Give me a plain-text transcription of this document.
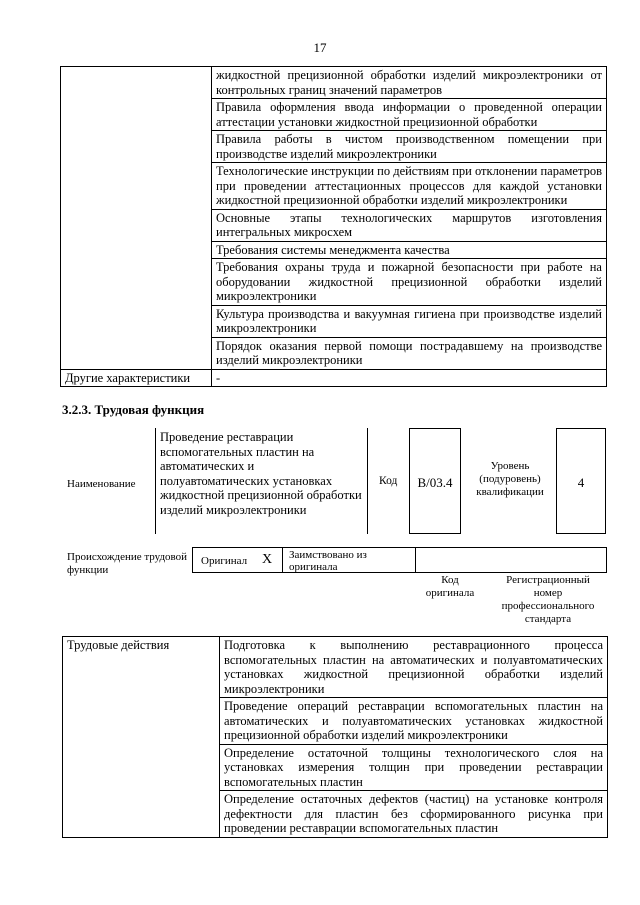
17
	жидкостной прецизионной обработки изделий микроэлектроники от контрольных границ значений параметров
	Правила оформления ввода информации о проведенной операции аттестации установки жидкостной прецизионной обработки
	Правила работы в чистом производственном помещении при производстве изделий микроэлектроники
	Технологические инструкции по действиям при отклонении параметров при проведении аттестационных процессов для каждой установки жидкостной прецизионной обработки изделий микроэлектроники
	Основные этапы технологических маршрутов изготовления интегральных микросхем
	Требования системы менеджмента качества
	Требования охраны труда и пожарной безопасности при работе на оборудовании жидкостной прецизионной обработки изделий микроэлектроники
	Культура производства и вакуумная гигиена при производстве изделий микроэлектроники
	Порядок оказания первой помощи пострадавшему на производстве изделий микроэлектроники
Другие характеристики	-
3.2.3. Трудовая функция
Наименование
Проведение реставрации вспомогательных пластин на автоматических и полуавтоматических установках жидкостной прецизионной обработки изделий микроэлектроники
Код	B/03.4
Уровень (подуровень) квалификации
4
Происхождение трудовой функции
Оригинал	X	Заимствовано из оригинала
Код оригинала
Регистрационный номер профессионального стандарта
Трудовые действия	Подготовка к выполнению реставрационного процесса вспомогательных пластин на автоматических и полуавтоматических установках жидкостной прецизионной обработки изделий микроэлектроники
Проведение операций реставрации вспомогательных пластин на автоматических и полуавтоматических установках жидкостной прецизионной обработки изделий микроэлектроники
Определение остаточной толщины технологического слоя на установках измерения толщин при проведении реставрации вспомогательных пластин
Определение остаточных дефектов (частиц) на установке контроля дефектности для пластин без сформированного рисунка при проведении реставрации вспомогательных пластин
